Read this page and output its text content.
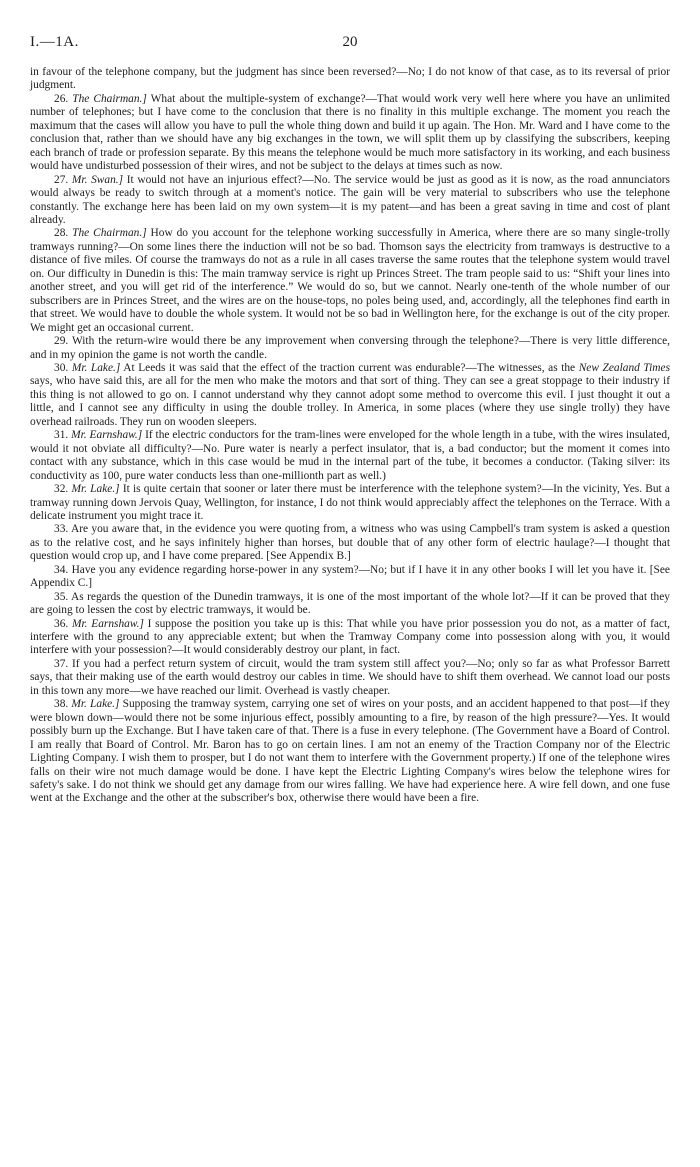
I.—1A.	20

in favour of the telephone company, but the judgment has since been reversed?—No; I do not know of that case, as to its reversal of prior judgment.

26. The Chairman.] What about the multiple-system of exchange?—That would work very well here where you have an unlimited number of telephones; but I have come to the conclusion that there is no finality in this multiple exchange. The moment you reach the maximum that the cases will allow you have to pull the whole thing down and build it up again. The Hon. Mr. Ward and I have come to the conclusion that, rather than we should have any big exchanges in the town, we will split them up by classifying the subscribers, keeping each branch of trade or profession separate. By this means the telephone would be much more satisfactory in its working, and each business would have undisturbed possession of their wires, and not be subject to the delays at times such as now.

27. Mr. Swan.] It would not have an injurious effect?—No. The service would be just as good as it is now, as the road annunciators would always be ready to switch through at a moment's notice. The gain will be very material to subscribers who use the telephone constantly. The exchange here has been laid on my own system—it is my patent—and has been a great saving in time and cost of plant already.

28. The Chairman.] How do you account for the telephone working successfully in America, where there are so many single-trolly tramways running?—On some lines there the induction will not be so bad. Thomson says the electricity from tramways is destructive to a distance of five miles. Of course the tramways do not as a rule in all cases traverse the same routes that the telephone system would travel on. Our difficulty in Dunedin is this: The main tramway service is right up Princes Street. The tram people said to us: “Shift your lines into another street, and you will get rid of the interference.” We would do so, but we cannot. Nearly one-tenth of the whole number of our subscribers are in Princes Street, and the wires are on the house-tops, no poles being used, and, accordingly, all the telephones find earth in that street. We would have to double the whole system. It would not be so bad in Wellington here, for the exchange is out of the city proper. We might get an occasional current.

29. With the return-wire would there be any improvement when conversing through the telephone?—There is very little difference, and in my opinion the game is not worth the candle.

30. Mr. Lake.] At Leeds it was said that the effect of the traction current was endurable?—The witnesses, as the New Zealand Times says, who have said this, are all for the men who make the motors and that sort of thing. They can see a great stoppage to their industry if this thing is not allowed to go on. I cannot understand why they cannot adopt some method to overcome this evil. I just thought it out a little, and I cannot see any difficulty in using the double trolley. In America, in some places (where they use single trolly) they have overhead railroads. They run on wooden sleepers.

31. Mr. Earnshaw.] If the electric conductors for the tram-lines were enveloped for the whole length in a tube, with the wires insulated, would it not obviate all difficulty?—No. Pure water is nearly a perfect insulator, that is, a bad conductor; but the moment it comes into contact with any substance, which in this case would be mud in the internal part of the tube, it becomes a conductor. (Taking silver: its conductivity as 100, pure water conducts less than one-millionth part as well.)

32. Mr. Lake.] It is quite certain that sooner or later there must be interference with the telephone system?—In the vicinity, Yes. But a tramway running down Jervois Quay, Wellington, for instance, I do not think would appreciably affect the telephones on the Terrace. With a delicate instrument you might trace it.

33. Are you aware that, in the evidence you were quoting from, a witness who was using Campbell's tram system is asked a question as to the relative cost, and he says infinitely higher than horses, but double that of any other form of electric haulage?—I thought that question would crop up, and I have come prepared. [See Appendix B.]

34. Have you any evidence regarding horse-power in any system?—No; but if I have it in any other books I will let you have it. [See Appendix C.]

35. As regards the question of the Dunedin tramways, it is one of the most important of the whole lot?—If it can be proved that they are going to lessen the cost by electric tramways, it would be.

36. Mr. Earnshaw.] I suppose the position you take up is this: That while you have prior possession you do not, as a matter of fact, interfere with the ground to any appreciable extent; but when the Tramway Company come into possession along with you, it would interfere with your possession?—It would considerably destroy our plant, in fact.

37. If you had a perfect return system of circuit, would the tram system still affect you?—No; only so far as what Professor Barrett says, that their making use of the earth would destroy our cables in time. We should have to shift them overhead. We cannot load our posts in this town any more—we have reached our limit. Overhead is vastly cheaper.

38. Mr. Lake.] Supposing the tramway system, carrying one set of wires on your posts, and an accident happened to that post—if they were blown down—would there not be some injurious effect, possibly amounting to a fire, by reason of the high pressure?—Yes. It would possibly burn up the Exchange. But I have taken care of that. There is a fuse in every telephone. (The Government have a Board of Control. I am really that Board of Control. Mr. Baron has to go on certain lines. I am not an enemy of the Traction Company nor of the Electric Lighting Company. I wish them to prosper, but I do not want them to interfere with the Government property.) If one of the telephone wires falls on their wire not much damage would be done. I have kept the Electric Lighting Company's wires below the telephone wires for safety's sake. I do not think we should get any damage from our wires falling. We have had experience here. A wire fell down, and one fuse went at the Exchange and the other at the subscriber's box, otherwise there would have been a fire.
